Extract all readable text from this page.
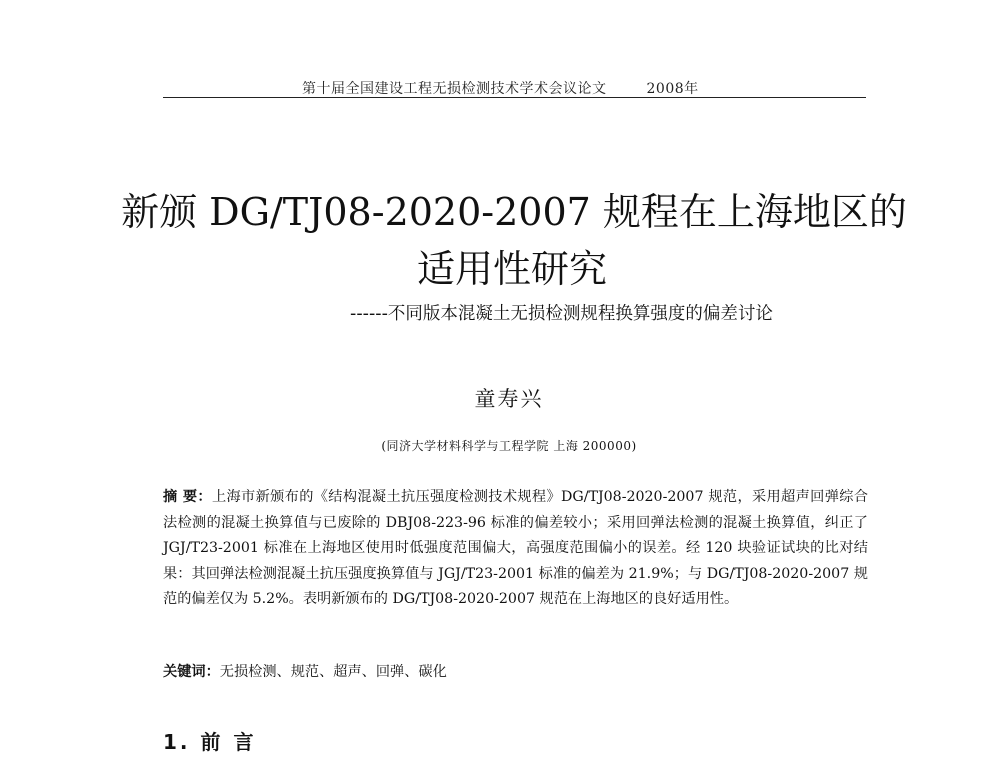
第十届全国建设工程无损检测技术学术会议论文	2008年
新颁 DG/TJ08-2020-2007 规程在上海地区的
适用性研究
------不同版本混凝土无损检测规程换算强度的偏差讨论
童寿兴
(同济大学材料科学与工程学院 上海 200000)
摘 要：上海市新颁布的《结构混凝土抗压强度检测技术规程》DG/TJ08-2020-2007 规范，采用超声回弹综合法检测的混凝土换算值与已废除的 DBJ08-223-96 标准的偏差较小；采用回弹法检测的混凝土换算值，纠正了 JGJ/T23-2001 标准在上海地区使用时低强度范围偏大，高强度范围偏小的误差。经 120 块验证试块的比对结果：其回弹法检测混凝土抗压强度换算值与 JGJ/T23-2001 标准的偏差为 21.9%；与 DG/TJ08-2020-2007 规范的偏差仅为 5.2%。表明新颁布的 DG/TJ08-2020-2007 规范在上海地区的良好适用性。
关键词：无损检测、规范、超声、回弹、碳化
1. 前 言
